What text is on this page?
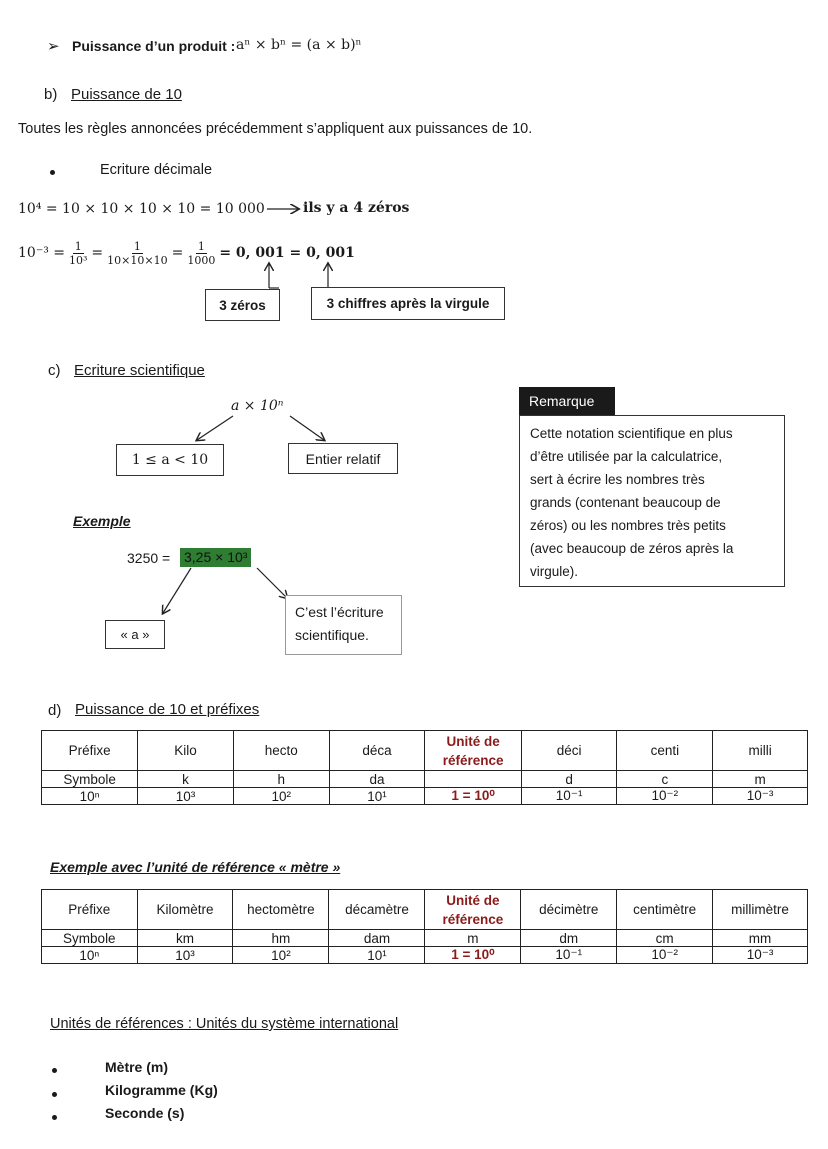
➢ Puissance d’un produit : aⁿ × bⁿ = (a × b)ⁿ
b) Puissance de 10
Toutes les règles annoncées précédemment s’appliquent aux puissances de 10.
Ecriture décimale
10⁴ = 10 × 10 × 10 × 10 = 10 000	ils y a 4 zéros
$10^{-3} = \frac{1}{\text{10³}} = \frac{1}{10\times 10\times 10} = \frac{1}{1000} = 0$, 001 = 0, 001
3 zéros	3 chiffres après la virgule
c) Ecriture scientifique
a × 10ⁿ
1 ≤ a < 10	Entier relatif
Exemple
3250 = 3,25 × 10³
« a »
C’est l’écriture
scientifique.
Remarque
Cette notation scientifique en plus
d’être utilisée par la calculatrice,
sert à écrire les nombres très
grands (contenant beaucoup de
zéros) ou les nombres très petits
(avec beaucoup de zéros après la
virgule).
d) Puissance de 10 et préfixes
Préfixe	Kilo	hecto	déca	Unité de référence	déci	centi	milli
Symbole	k	h	da		d	c	m
10ⁿ	10³	10²	10¹	1 = 10⁰	10⁻¹	10⁻²	10⁻³
Exemple avec l’unité de référence « mètre »
Préfixe	Kilomètre	hectomètre	décamètre	Unité de référence	décimètre	centimètre	millimètre
Symbole	km	hm	dam	m	dm	cm	mm
10ⁿ	10³	10²	10¹	1 = 10⁰	10⁻¹	10⁻²	10⁻³
Unités de références : Unités du système international
Mètre (m)
Kilogramme (Kg)
Seconde (s)
